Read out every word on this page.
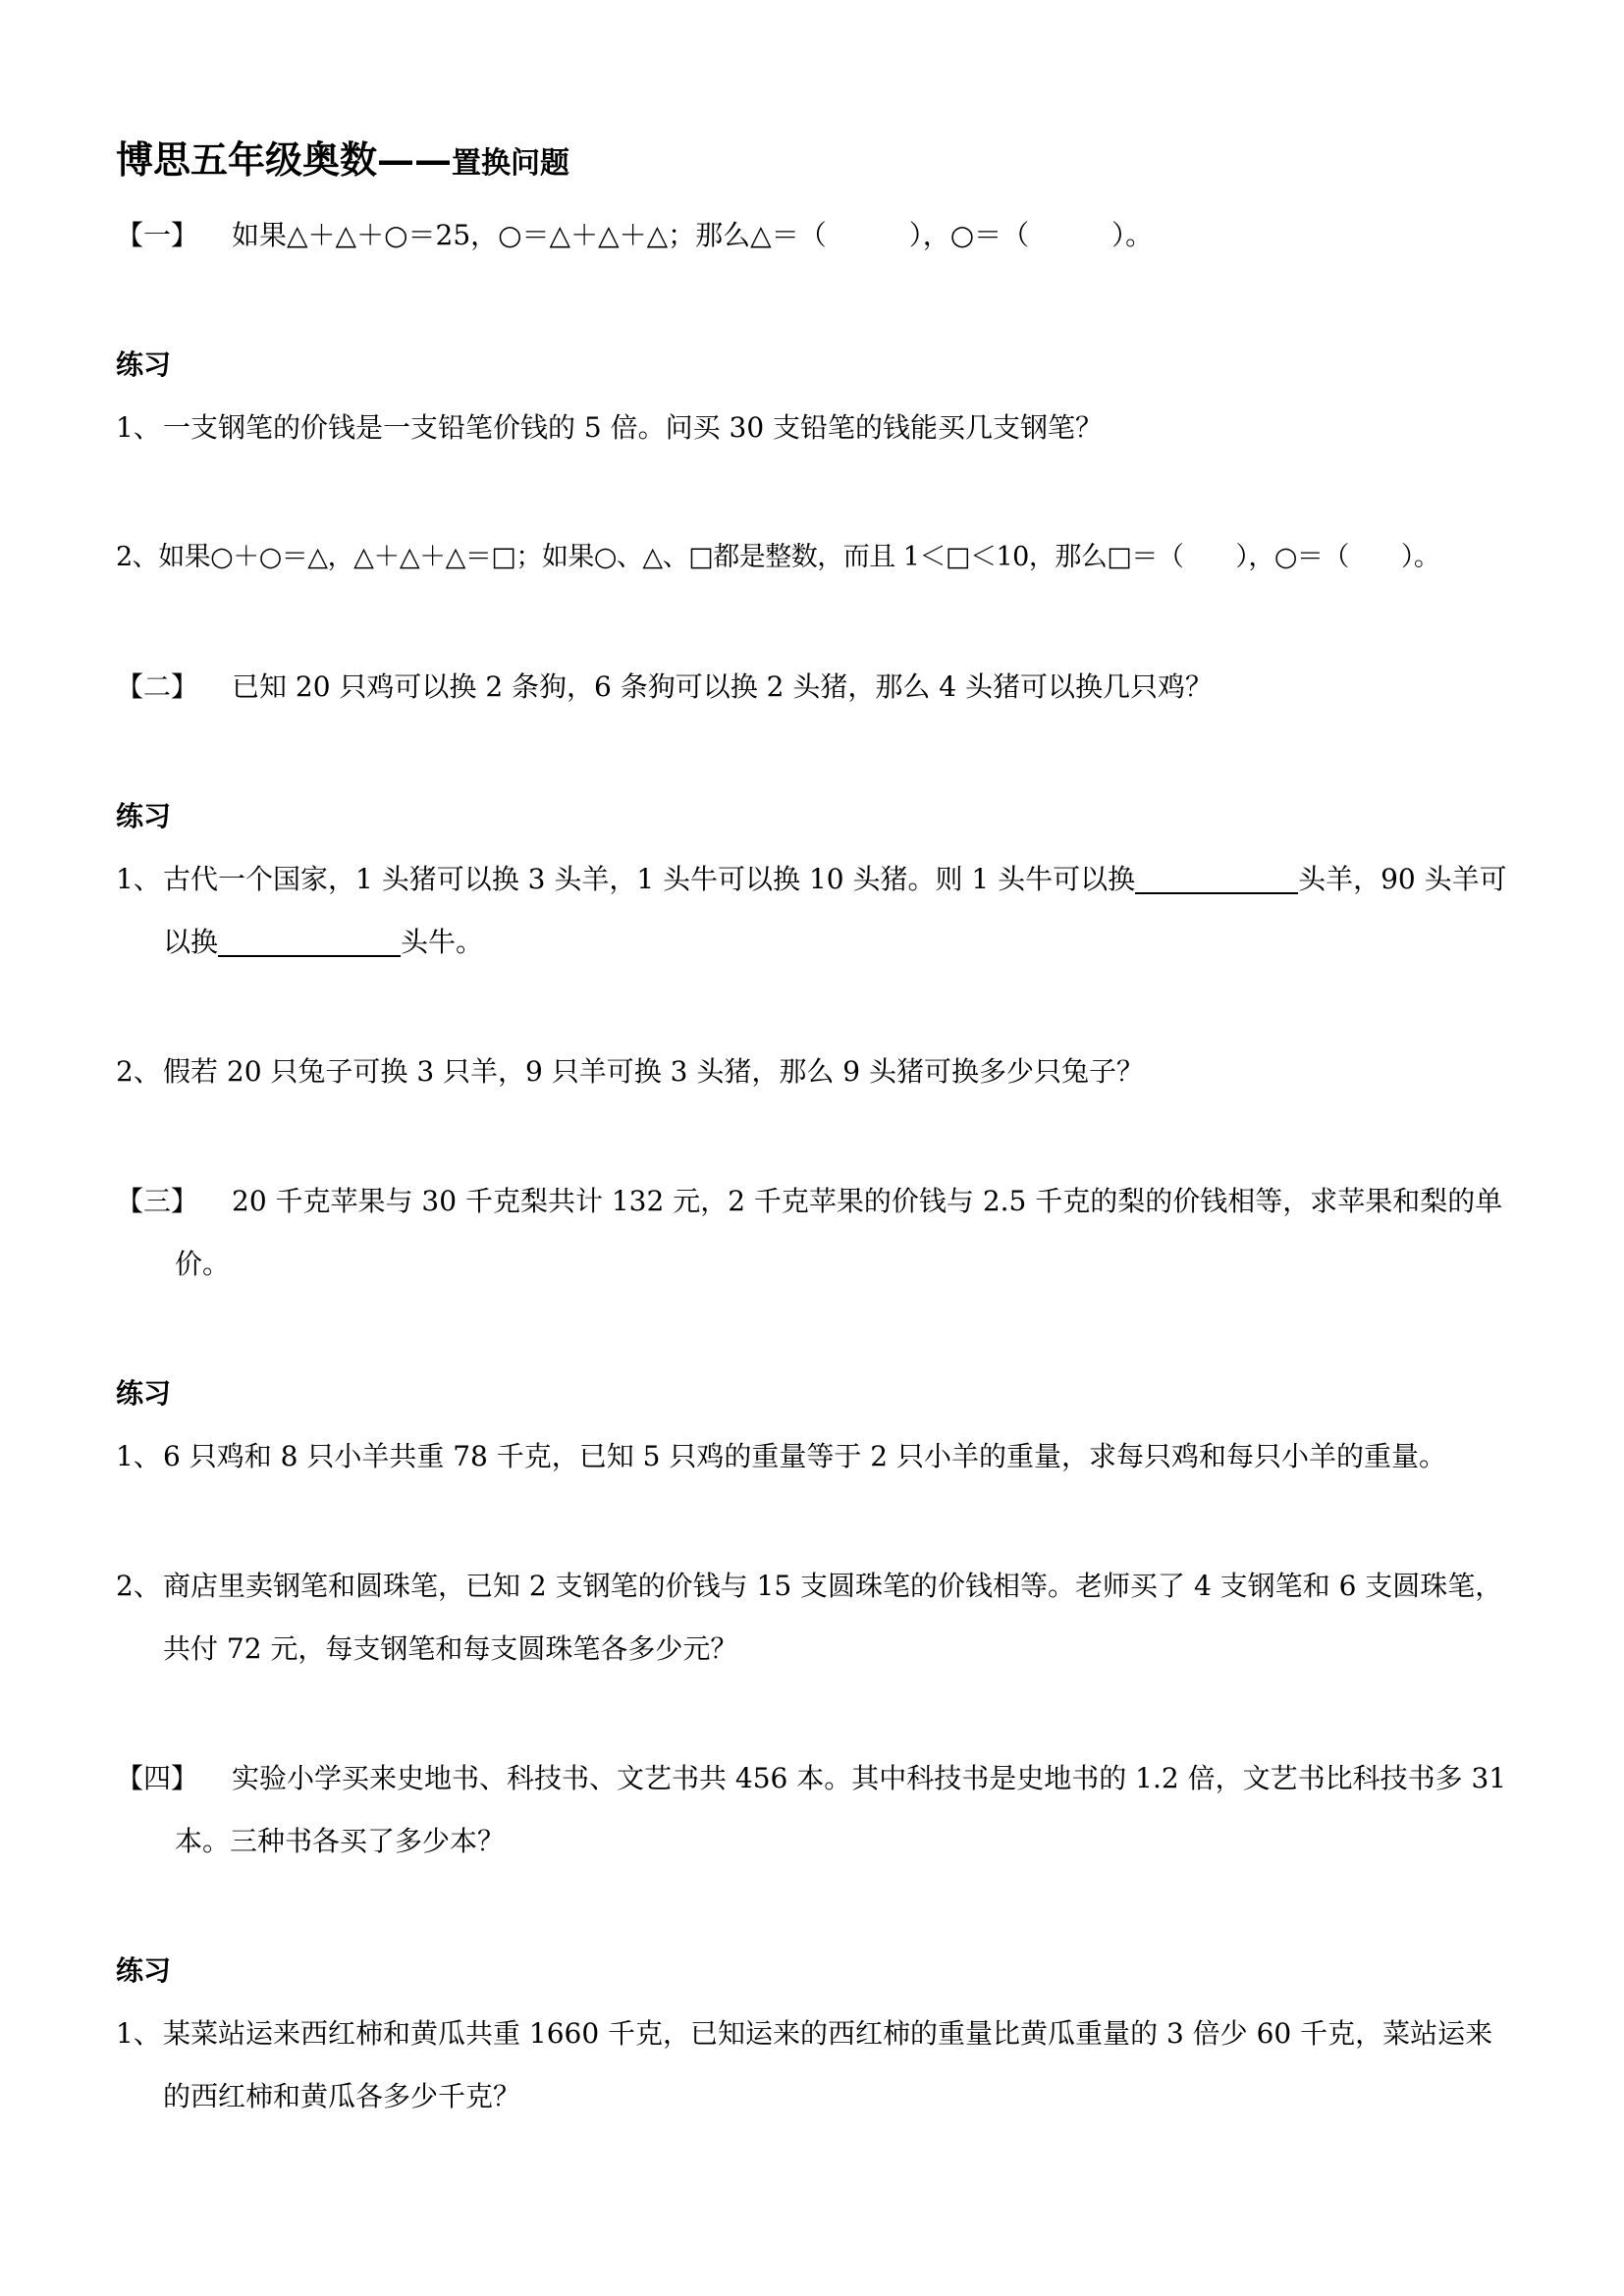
博思五年级奥数——置换问题
【一】 如果△＋△＋○＝25，○＝△＋△＋△；那么△＝（　　　），○＝（　　　）。
练习
1、一支钢笔的价钱是一支铅笔价钱的 5 倍。问买 30 支铅笔的钱能买几支钢笔？
2、如果○＋○＝△，△＋△＋△＝□；如果○、△、□都是整数，而且 1＜□＜10，那么□＝（　　），○＝（　　）。
【二】 已知 20 只鸡可以换 2 条狗，6 条狗可以换 2 头猪，那么 4 头猪可以换几只鸡？
练习
1、古代一个国家，1 头猪可以换 3 头羊，1 头牛可以换 10 头猪。则 1 头牛可以换	头羊，90 头羊可
以换	头牛。
2、假若 20 只兔子可换 3 只羊，9 只羊可换 3 头猪，那么 9 头猪可换多少只兔子？
【三】 20 千克苹果与 30 千克梨共计 132 元，2 千克苹果的价钱与 2.5 千克的梨的价钱相等，求苹果和梨的单
价。
练习
1、6 只鸡和 8 只小羊共重 78 千克，已知 5 只鸡的重量等于 2 只小羊的重量，求每只鸡和每只小羊的重量。
2、商店里卖钢笔和圆珠笔，已知 2 支钢笔的价钱与 15 支圆珠笔的价钱相等。老师买了 4 支钢笔和 6 支圆珠笔，
共付 72 元，每支钢笔和每支圆珠笔各多少元？
【四】 实验小学买来史地书、科技书、文艺书共 456 本。其中科技书是史地书的 1.2 倍，文艺书比科技书多 31
本。三种书各买了多少本？
练习
1、某菜站运来西红柿和黄瓜共重 1660 千克，已知运来的西红柿的重量比黄瓜重量的 3 倍少 60 千克，菜站运来
的西红柿和黄瓜各多少千克？
